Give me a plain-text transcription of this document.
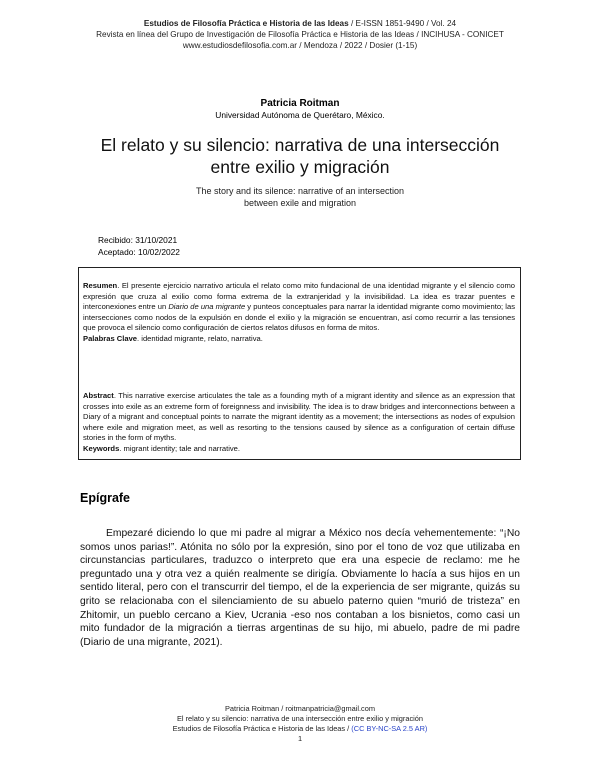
Estudios de Filosofía Práctica e Historia de las Ideas / E-ISSN 1851-9490 / Vol. 24
Revista en línea del Grupo de Investigación de Filosofía Práctica e Historia de las Ideas / INCIHUSA - CONICET
www.estudiosdefilosofia.com.ar / Mendoza / 2022 / Dosier (1-15)
Patricia Roitman
Universidad Autónoma de Querétaro, México.
El relato y su silencio: narrativa de una intersección
entre exilio y migración
The story and its silence: narrative of an intersection
between exile and migration
Recibido: 31/10/2021
Aceptado: 10/02/2022
Resumen. El presente ejercicio narrativo articula el relato como mito fundacional de una identidad migrante y el silencio como expresión que cruza al exilio como forma extrema de la extranjeridad y la invisibilidad. La idea es trazar puentes e interconexiones entre un Diario de una migrante y punteos conceptuales para narrar la identidad migrante como movimiento; las intersecciones como nodos de la expulsión en donde el exilio y la migración se encuentran, así como recurrir a las tensiones que provoca el silencio como configuración de ciertos relatos difusos en forma de mitos.
Palabras Clave. identidad migrante, relato, narrativa.
Abstract. This narrative exercise articulates the tale as a founding myth of a migrant identity and silence as an expression that crosses into exile as an extreme form of foreignness and invisibility. The idea is to draw bridges and interconnections between a Diary of a migrant and conceptual points to narrate the migrant identity as a movement; the intersections as nodes of expulsion where exile and migration meet, as well as resorting to the tensions caused by silence as a configuration of certain diffuse stories in the form of myths.
Keywords. migrant identity; tale and narrative.
Epígrafe
Empezaré diciendo lo que mi padre al migrar a México nos decía vehementemente: “¡No somos unos parias!”. Atónita no sólo por la expresión, sino por el tono de voz que utilizaba en circunstancias particulares, traduzco o interpreto que era una especie de reclamo: me he preguntado una y otra vez a quién realmente se dirigía. Obviamente lo hacía a sus hijos en un sentido literal, pero con el transcurrir del tiempo, el de la experiencia de ser migrante, quizás su grito se relacionaba con el silenciamiento de su abuelo paterno quien “murió de tristeza” en Zhitomir, un pueblo cercano a Kiev, Ucrania -eso nos contaban a los bisnietos, como casi un mito fundador de la migración a tierras argentinas de su hijo, mi abuelo, padre de mi padre (Diario de una migrante, 2021).
Patricia Roitman / roitmanpatricia@gmail.com
El relato y su silencio: narrativa de una intersección entre exilio y migración
Estudios de Filosofía Práctica e Historia de las Ideas / (CC BY-NC-SA 2.5 AR)
1
